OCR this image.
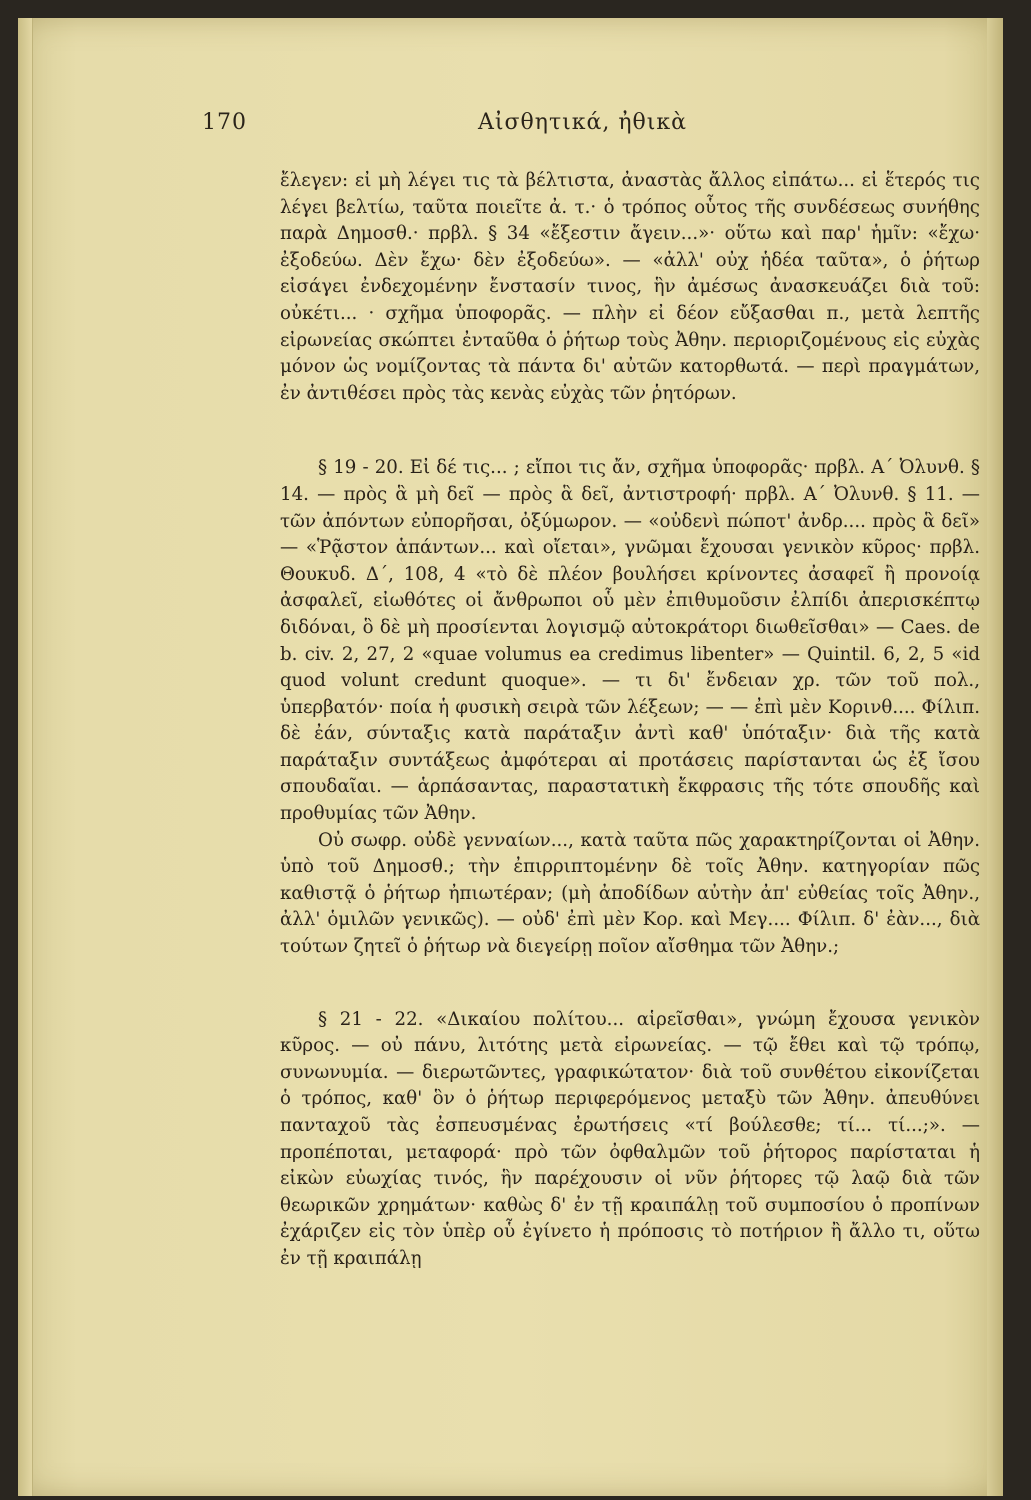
170	Αἰσθητικά, ἠθικὰ

ἔλεγεν: εἰ μὴ λέγει τις τὰ βέλτιστα, ἀναστὰς ἄλλος εἰπάτω... εἰ ἕτερός τις λέγει βελτίω, ταῦτα ποιεῖτε ἀ. τ.· ὁ τρόπος οὗτος τῆς συνδέσεως συνήθης παρὰ Δημοσθ.· πρβλ. § 34 «ἔξεστιν ἄγειν...»· οὕτω καὶ παρ' ἡμῖν: «ἔχω· ἐξοδεύω. Δὲν ἔχω· δὲν ἐξοδεύω». — «ἀλλ' οὐχ ἡδέα ταῦτα», ὁ ῥήτωρ εἰσάγει ἐνδεχομένην ἔνστασίν τινος, ἣν ἀμέσως ἀνασκευάζει διὰ τοῦ: οὐκέτι... · σχῆμα ὑποφορᾶς. — πλὴν εἰ δέον εὔξασθαι π., μετὰ λεπτῆς εἰρωνείας σκώπτει ἐνταῦθα ὁ ῥήτωρ τοὺς Ἀθην. περιοριζομένους εἰς εὐχὰς μόνον ὡς νομίζοντας τὰ πάντα δι' αὐτῶν κατορθωτά. — περὶ πραγμάτων, ἐν ἀντιθέσει πρὸς τὰς κενὰς εὐχὰς τῶν ῥητόρων.

§ 19 - 20. Εἰ δέ τις... ; εἴποι τις ἄν, σχῆμα ὑποφορᾶς· πρβλ. Α΄ Ὀλυνθ. § 14. — πρὸς ἃ μὴ δεῖ — πρὸς ἃ δεῖ, ἀντιστροφή· πρβλ. Α΄ Ὀλυνθ. § 11. — τῶν ἀπόντων εὐπορῆσαι, ὀξύμωρον. — «οὐδενὶ πώποτ' ἀνδρ.... πρὸς ἃ δεῖ» — «Ῥᾷστον ἁπάντων... καὶ οἴεται», γνῶμαι ἔχουσαι γενικὸν κῦρος· πρβλ. Θουκυδ. Δ΄, 108, 4 «τὸ δὲ πλέον βουλήσει κρίνοντες ἀσαφεῖ ἢ προνοίᾳ ἀσφαλεῖ, εἰωθότες οἱ ἄνθρωποι οὗ μὲν ἐπιθυμοῦσιν ἐλπίδι ἀπερισκέπτῳ διδόναι, ὃ δὲ μὴ προσίενται λογισμῷ αὐτοκράτορι διωθεῖσθαι» — Caes. de b. civ. 2, 27, 2 «quae volumus ea credimus libenter» — Quintil. 6, 2, 5 «id quod volunt credunt quoque». — τι δι' ἔνδειαν χρ. τῶν τοῦ πολ., ὑπερβατόν· ποία ἡ φυσικὴ σειρὰ τῶν λέξεων; — — ἐπὶ μὲν Κορινθ.... Φίλιπ. δὲ ἐάν, σύνταξις κατὰ παράταξιν ἀντὶ καθ' ὑπόταξιν· διὰ τῆς κατὰ παράταξιν συντάξεως ἀμφότεραι αἱ προτάσεις παρίστανται ὡς ἐξ ἴσου σπουδαῖαι. — ἁρπάσαντας, παραστατικὴ ἔκφρασις τῆς τότε σπουδῆς καὶ προθυμίας τῶν Ἀθην.

Οὐ σωφρ. οὐδὲ γενναίων..., κατὰ ταῦτα πῶς χαρακτηρίζονται οἱ Ἀθην. ὑπὸ τοῦ Δημοσθ.; τὴν ἐπιρριπτομένην δὲ τοῖς Ἀθην. κατηγορίαν πῶς καθιστᾷ ὁ ῥήτωρ ἠπιωτέραν; (μὴ ἀποδίδων αὐτὴν ἀπ' εὐθείας τοῖς Ἀθην., ἀλλ' ὁμιλῶν γενικῶς). — οὐδ' ἐπὶ μὲν Κορ. καὶ Μεγ.... Φίλιπ. δ' ἐὰν..., διὰ τούτων ζητεῖ ὁ ῥήτωρ νὰ διεγείρῃ ποῖον αἴσθημα τῶν Ἀθην.;

§ 21 - 22. «Δικαίου πολίτου... αἱρεῖσθαι», γνώμη ἔχουσα γενικὸν κῦρος. — οὐ πάνυ, λιτότης μετὰ εἰρωνείας. — τῷ ἔθει καὶ τῷ τρόπῳ, συνωνυμία. — διερωτῶντες, γραφικώτατον· διὰ τοῦ συνθέτου εἰκονίζεται ὁ τρόπος, καθ' ὃν ὁ ῥήτωρ περιφερόμενος μεταξὺ τῶν Ἀθην. ἀπευθύνει πανταχοῦ τὰς ἐσπευσμένας ἐρωτήσεις «τί βούλεσθε; τί... τί...;». — προπέποται, μεταφορά· πρὸ τῶν ὀφθαλμῶν τοῦ ῥήτορος παρίσταται ἡ εἰκὼν εὐωχίας τινός, ἣν παρέχουσιν οἱ νῦν ῥήτορες τῷ λαῷ διὰ τῶν θεωρικῶν χρημάτων· καθὼς δ' ἐν τῇ κραιπάλῃ τοῦ συμποσίου ὁ προπίνων ἐχάριζεν εἰς τὸν ὑπὲρ οὗ ἐγίνετο ἡ πρόποσις τὸ ποτήριον ἢ ἄλλο τι, οὕτω ἐν τῇ κραιπάλῃ
